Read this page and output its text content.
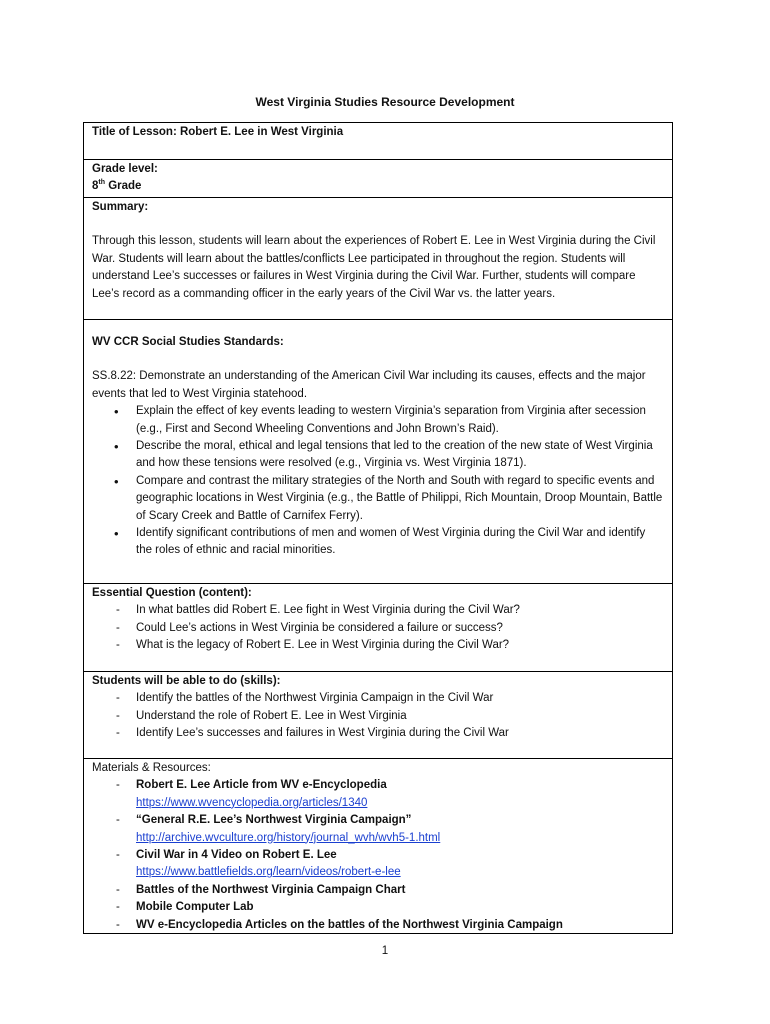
West Virginia Studies Resource Development

Title of Lesson: Robert E. Lee in West Virginia

Grade level:

8th Grade

Summary:

Through this lesson, students will learn about the experiences of Robert E. Lee in West Virginia during the Civil War. Students will learn about the battles/conflicts Lee participated in throughout the region. Students will understand Lee’s successes or failures in West Virginia during the Civil War. Further, students will compare Lee’s record as a commanding officer in the early years of the Civil War vs. the latter years.

WV CCR Social Studies Standards:

SS.8.22: Demonstrate an understanding of the American Civil War including its causes, effects and the major events that led to West Virginia statehood.

• Explain the effect of key events leading to western Virginia’s separation from Virginia after secession (e.g., First and Second Wheeling Conventions and John Brown’s Raid).
• Describe the moral, ethical and legal tensions that led to the creation of the new state of West Virginia and how these tensions were resolved (e.g., Virginia vs. West Virginia 1871).
• Compare and contrast the military strategies of the North and South with regard to specific events and geographic locations in West Virginia (e.g., the Battle of Philippi, Rich Mountain, Droop Mountain, Battle of Scary Creek and Battle of Carnifex Ferry).
• Identify significant contributions of men and women of West Virginia during the Civil War and identify the roles of ethnic and racial minorities.

Essential Question (content):

- In what battles did Robert E. Lee fight in West Virginia during the Civil War?
- Could Lee’s actions in West Virginia be considered a failure or success?
- What is the legacy of Robert E. Lee in West Virginia during the Civil War?

Students will be able to do (skills):

- Identify the battles of the Northwest Virginia Campaign in the Civil War
- Understand the role of Robert E. Lee in West Virginia
- Identify Lee’s successes and failures in West Virginia during the Civil War

Materials & Resources:

- Robert E. Lee Article from WV e-Encyclopedia
https://www.wvencyclopedia.org/articles/1340
- “General R.E. Lee’s Northwest Virginia Campaign”
http://archive.wvculture.org/history/journal_wvh/wvh5-1.html
- Civil War in 4 Video on Robert E. Lee
https://www.battlefields.org/learn/videos/robert-e-lee
- Battles of the Northwest Virginia Campaign Chart
- Mobile Computer Lab
- WV e-Encyclopedia Articles on the battles of the Northwest Virginia Campaign
1
